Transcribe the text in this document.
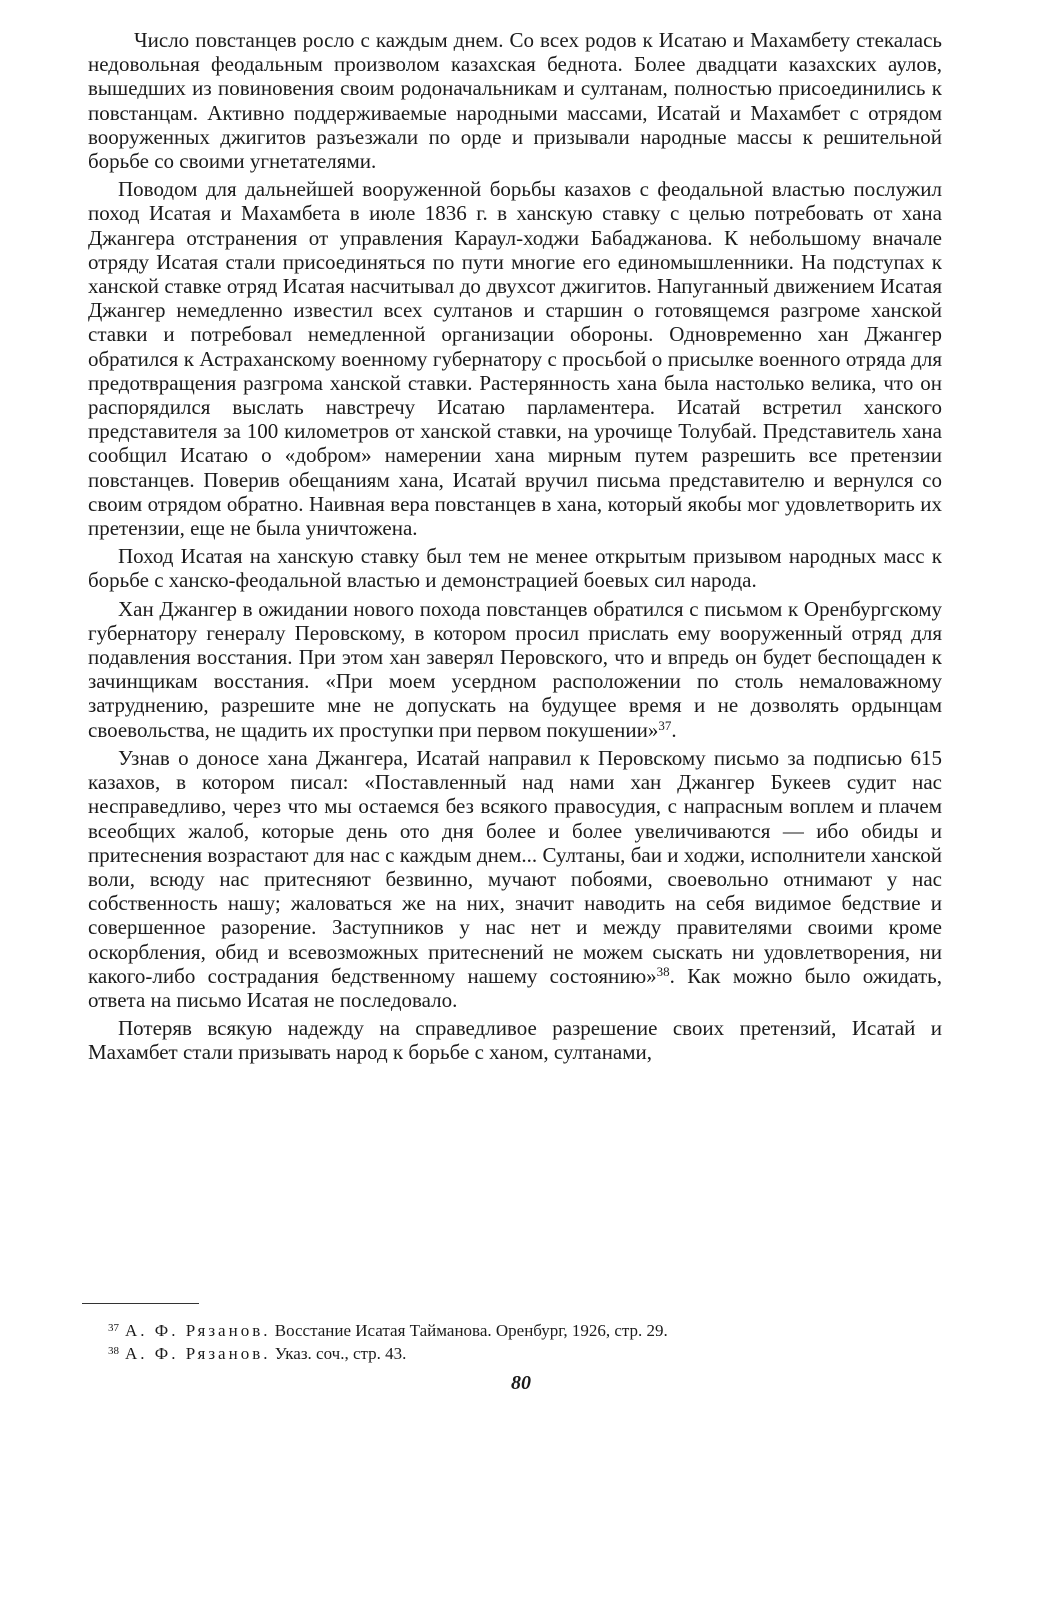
Число повстанцев росло с каждым днем. Со всех родов к Исатаю и Махамбету стекалась недовольная феодальным произволом казахская беднота. Более двадцати казахских аулов, вышедших из повиновения своим родоначальникам и султанам, полностью присоединились к повстанцам. Активно поддерживаемые народными массами, Исатай и Махамбет с отрядом вооруженных джигитов разъезжали по орде и призывали народные массы к решительной борьбе со своими угнетателями.

Поводом для дальнейшей вооруженной борьбы казахов с феодальной властью послужил поход Исатая и Махамбета в июле 1836 г. в ханскую ставку с целью потребовать от хана Джангера отстранения от управления Караул-ходжи Бабаджанова. К небольшому вначале отряду Исатая стали присоединяться по пути многие его единомышленники. На подступах к ханской ставке отряд Исатая насчитывал до двухсот джигитов. Напуганный движением Исатая Джангер немедленно известил всех султанов и старшин о готовящемся разгроме ханской ставки и потребовал немедленной организации обороны. Одновременно хан Джангер обратился к Астраханскому военному губернатору с просьбой о присылке военного отряда для предотвращения разгрома ханской ставки. Растерянность хана была настолько велика, что он распорядился выслать навстречу Исатаю парламентера. Исатай встретил ханского представителя за 100 километров от ханской ставки, на урочище Толубай. Представитель хана сообщил Исатаю о «добром» намерении хана мирным путем разрешить все претензии повстанцев. Поверив обещаниям хана, Исатай вручил письма представителю и вернулся со своим отрядом обратно. Наивная вера повстанцев в хана, который якобы мог удовлетворить их претензии, еще не была уничтожена.

Поход Исатая на ханскую ставку был тем не менее открытым призывом народных масс к борьбе с ханско-феодальной властью и демонстрацией боевых сил народа.

Хан Джангер в ожидании нового похода повстанцев обратился с письмом к Оренбургскому губернатору генералу Перовскому, в котором просил прислать ему вооруженный отряд для подавления восстания. При этом хан заверял Перовского, что и впредь он будет беспощаден к зачинщикам восстания. «При моем усердном расположении по столь немаловажному затруднению, разрешите мне не допускать на будущее время и не дозволять ордынцам своевольства, не щадить их проступки при первом покушении»$^{37}$.

Узнав о доносе хана Джангера, Исатай направил к Перовскому письмо за подписью 615 казахов, в котором писал: «Поставленный над нами хан Джангер Букеев судит нас несправедливо, через что мы остаемся без всякого правосудия, с напрасным воплем и плачем всеобщих жалоб, которые день ото дня более и более увеличиваются — ибо обиды и притеснения возрастают для нас с каждым днем... Султаны, баи и ходжи, исполнители ханской воли, всюду нас притесняют безвинно, мучают побоями, своевольно отнимают у нас собственность нашу; жаловаться же на них, значит наводить на себя видимое бедствие и совершенное разорение. Заступников у нас нет и между правителями своими кроме оскорбления, обид и всевозможных притеснений не можем сыскать ни удовлетворения, ни какого-либо сострадания бедственному нашему состоянию»$^{38}$. Как можно было ожидать, ответа на письмо Исатая не последовало.

Потеряв всякую надежду на справедливое разрешение своих претензий, Исатай и Махамбет стали призывать народ к борьбе с ханом, султанами,

$^{37}$ А. Ф. Рязанов. Восстание Исатая Тайманова. Оренбург, 1926, стр. 29.

$^{38}$ А. Ф. Рязанов. Указ. соч., стр. 43.

80
